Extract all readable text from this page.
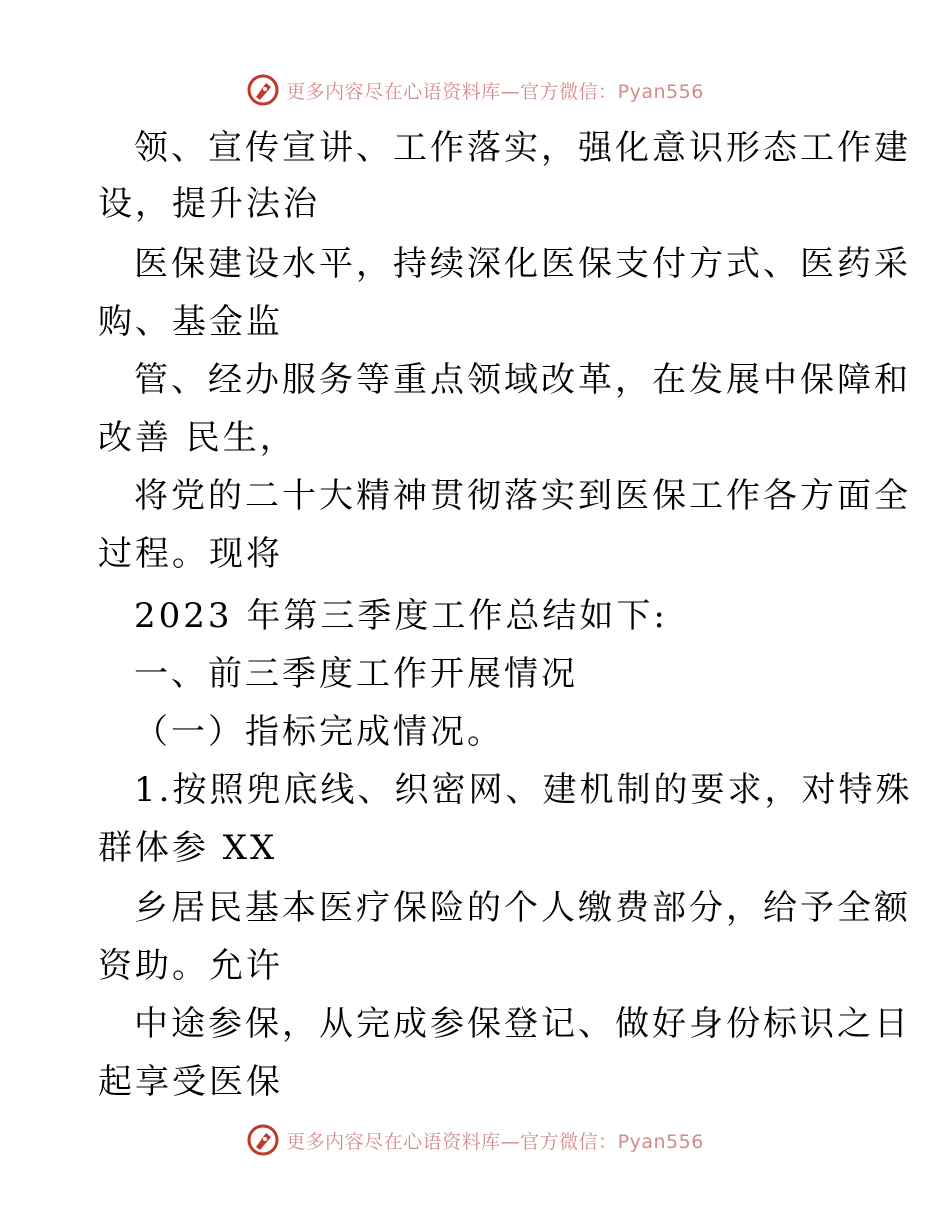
更多内容尽在心语资料库—官方微信：Pyan556
领、宣传宣讲、工作落实，强化意识形态工作建
设，提升法治
医保建设水平，持续深化医保支付方式、医药采
购、基金监
管、经办服务等重点领域改革，在发展中保障和
改善 民生，
将党的二十大精神贯彻落实到医保工作各方面全
过程。现将
2023 年第三季度工作总结如下:
一、前三季度工作开展情况
（一）指标完成情况。
1.按照兜底线、织密网、建机制的要求，对特殊
群体参 XX
乡居民基本医疗保险的个人缴费部分，给予全额
资助。允许
中途参保，从完成参保登记、做好身份标识之日
起享受医保
更多内容尽在心语资料库—官方微信：Pyan556
